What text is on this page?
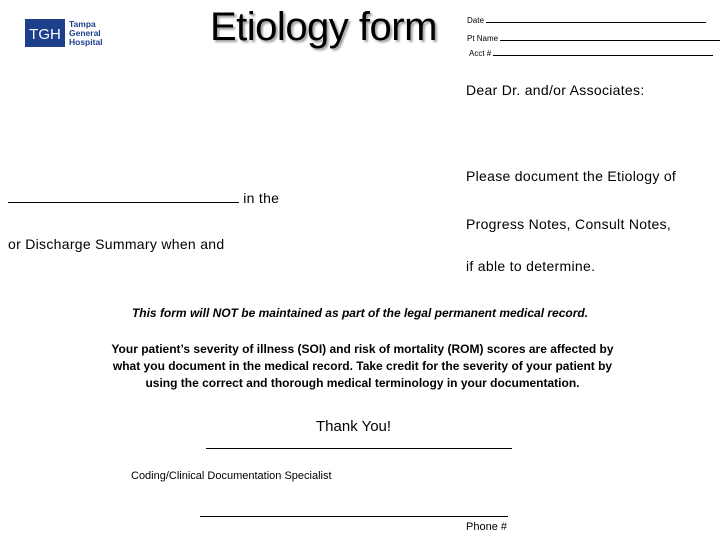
TGH
Tampa
General
Hospital	Etiology form	Date
Pt Name
Acct #
Dear Dr. and/or Associates:
Please document the Etiology of
in the
Progress Notes, Consult Notes,
or Discharge Summary when and
if able to determine.
This form will NOT be maintained as part of the legal permanent medical record.
Your patient’s severity of illness (SOI) and risk of mortality (ROM) scores are affected by what you document in the medical record. Take credit for the severity of your patient by using the correct and thorough medical terminology in your documentation.
Thank You!
Coding/Clinical Documentation Specialist
Phone #
